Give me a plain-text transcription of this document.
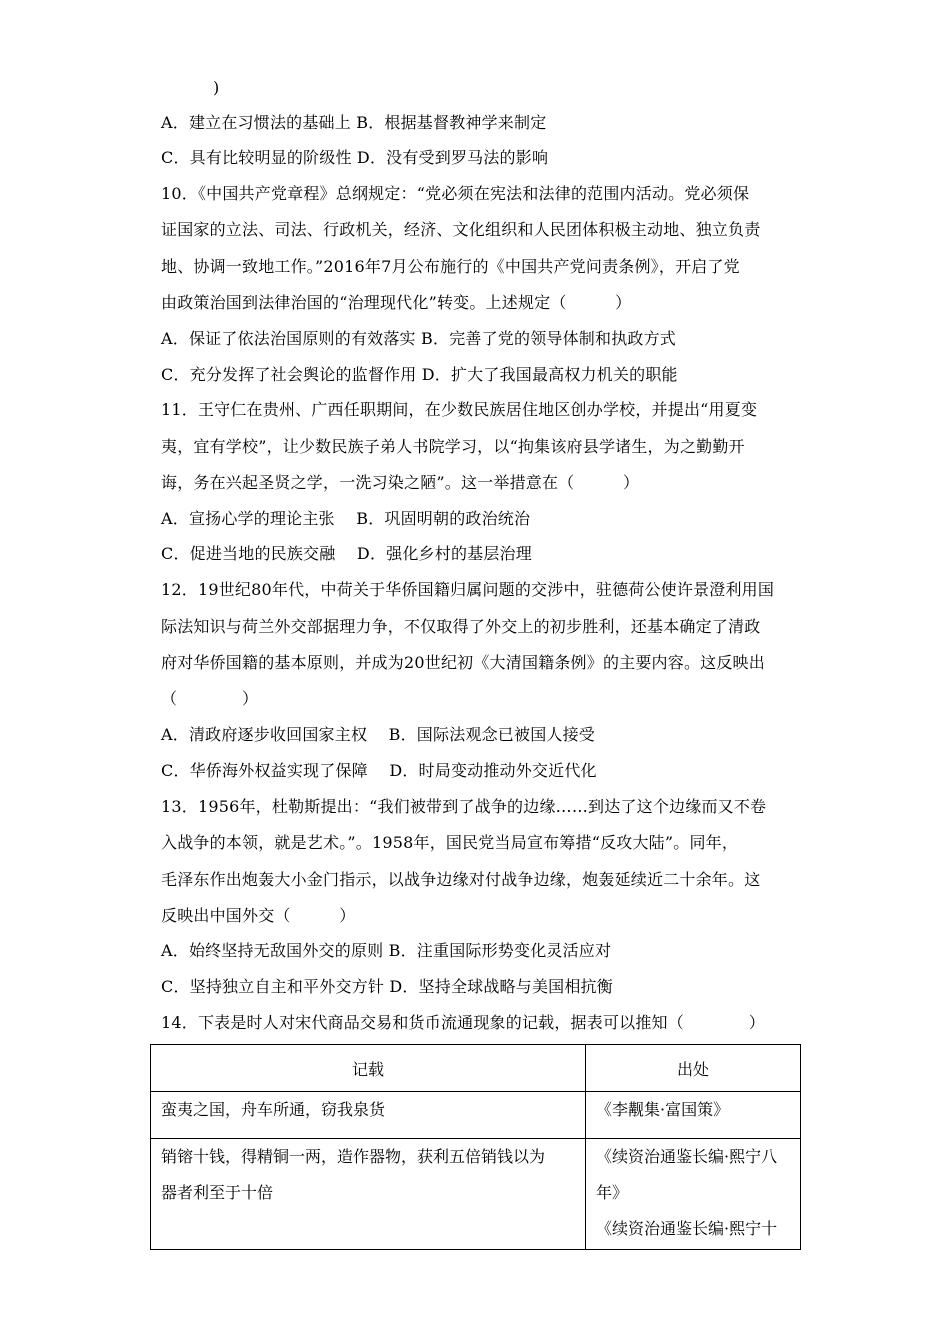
)
A．建立在习惯法的基础上 B．根据基督教神学来制定
C．具有比较明显的阶级性 D．没有受到罗马法的影响
10．《中国共产党章程》总纲规定：“党必须在宪法和法律的范围内活动。党必须保
证国家的立法、司法、行政机关，经济、文化组织和人民团体积极主动地、独立负责
地、协调一致地工作。”2016年7月公布施行的《中国共产党问责条例》，开启了党
由政策治国到法律治国的“治理现代化”转变。上述规定（　　　）
A．保证了依法治国原则的有效落实 B．完善了党的领导体制和执政方式
C．充分发挥了社会舆论的监督作用 D．扩大了我国最高权力机关的职能
11．王守仁在贵州、广西任职期间，在少数民族居住地区创办学校，并提出“用夏变
夷，宜有学校”，让少数民族子弟人书院学习，以“拘集该府县学诸生，为之勤勤开
诲，务在兴起圣贤之学，一洗习染之陋”。这一举措意在（　　　）
A．宣扬心学的理论主张　 B．巩固明朝的政治统治
C．促进当地的民族交融　 D．强化乡村的基层治理
12．19世纪80年代，中荷关于华侨国籍归属问题的交涉中，驻德荷公使许景澄利用国
际法知识与荷兰外交部据理力争，不仅取得了外交上的初步胜利，还基本确定了清政
府对华侨国籍的基本原则，并成为20世纪初《大清国籍条例》的主要内容。这反映出
（　　　　）
A．清政府逐步收回国家主权　 B．国际法观念已被国人接受
C．华侨海外权益实现了保障　 D．时局变动推动外交近代化
13．1956年，杜勒斯提出：“我们被带到了战争的边缘……到达了这个边缘而又不卷
入战争的本领，就是艺术。”。1958年，国民党当局宣布筹措“反攻大陆”。同年，
毛泽东作出炮轰大小金门指示，以战争边缘对付战争边缘，炮轰延续近二十余年。这
反映出中国外交（　　　）
A．始终坚持无敌国外交的原则 B．注重国际形势变化灵活应对
C．坚持独立自主和平外交方针 D．坚持全球战略与美国相抗衡
14．下表是时人对宋代商品交易和货币流通现象的记载，据表可以推知（　　　　）
记载	出处

蛮夷之国，舟车所通，窃我泉货	《李觏集·富国策》

销镕十钱，得精铜一两，造作器物，获利五倍销钱以为
器者利至于十倍	《续资治通鉴长编·熙宁八
年》
《续资治通鉴长编·熙宁十
